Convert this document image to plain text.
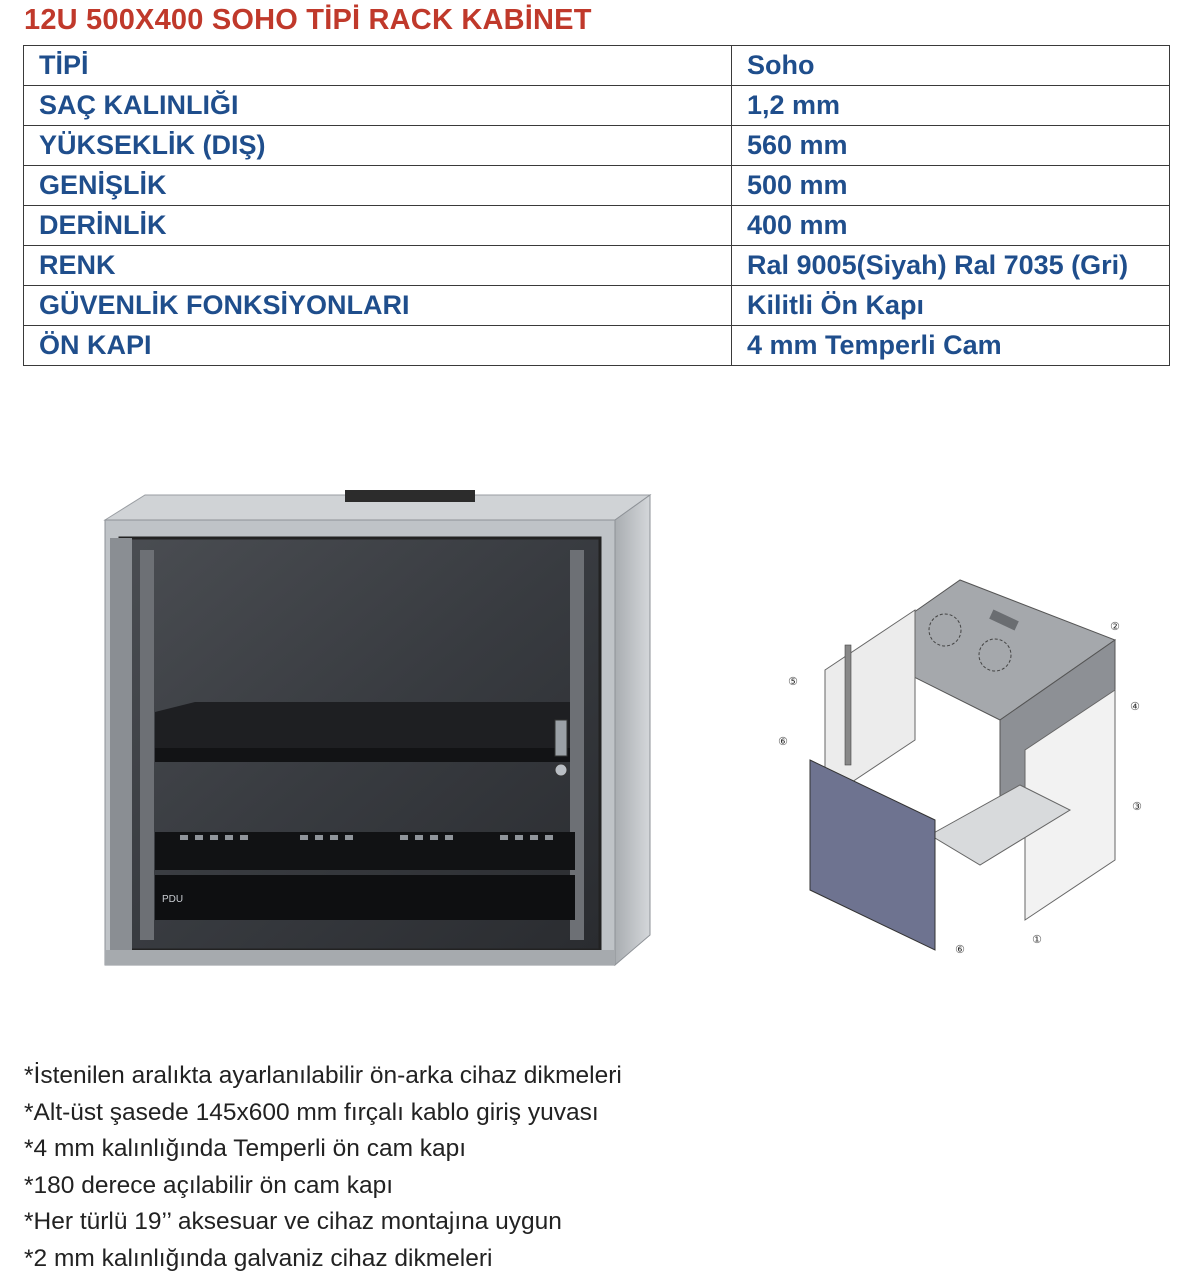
12U 500X400 SOHO TİPİ RACK KABİNET
TİPİ	Soho
SAÇ KALINLIĞI	1,2 mm
YÜKSEKLİK (DIŞ)	560 mm
GENİŞLİK	500 mm
DERİNLİK	400 mm
RENK	Ral 9005(Siyah) Ral 7035 (Gri)
GÜVENLİK FONKSİYONLARI	Kilitli Ön Kapı
ÖN KAPI	4 mm Temperli Cam
PDU
⑤
⑥
②
④
③
①
⑥
*İstenilen aralıkta ayarlanılabilir ön-arka cihaz dikmeleri
*Alt-üst şasede 145x600 mm fırçalı kablo giriş yuvası
*4 mm kalınlığında Temperli ön cam kapı
*180 derece açılabilir ön cam kapı
*Her türlü 19’’ aksesuar ve cihaz montajına uygun
*2 mm kalınlığında galvaniz cihaz dikmeleri
